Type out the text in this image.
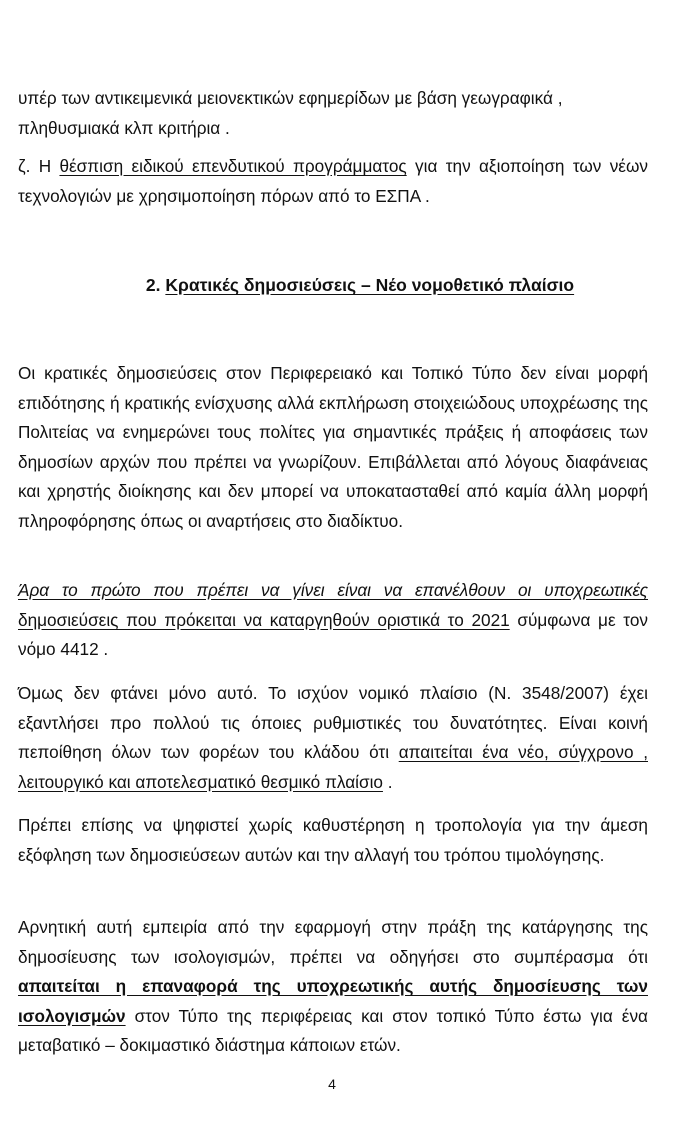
υπέρ των αντικειμενικά μειονεκτικών εφημερίδων με βάση γεωγραφικά ,
πληθυσμιακά κλπ κριτήρια .

ζ. Η θέσπιση ειδικού επενδυτικού προγράμματος για την αξιοποίηση των νέων τεχνολογιών με χρησιμοποίηση πόρων από το ΕΣΠΑ .

2. Κρατικές δημοσιεύσεις – Νέο νομοθετικό πλαίσιο

Οι κρατικές δημοσιεύσεις στον Περιφερειακό και Τοπικό Τύπο δεν είναι μορφή επιδότησης ή κρατικής ενίσχυσης αλλά εκπλήρωση στοιχειώδους υποχρέωσης της Πολιτείας να ενημερώνει τους πολίτες για σημαντικές πράξεις ή αποφάσεις των δημοσίων αρχών που πρέπει να γνωρίζουν. Επιβάλλεται από λόγους διαφάνειας και χρηστής διοίκησης και δεν μπορεί να υποκατασταθεί από καμία άλλη μορφή πληροφόρησης όπως οι αναρτήσεις στο διαδίκτυο.

Άρα το πρώτο που πρέπει να γίνει είναι να επανέλθουν οι υποχρεωτικές δημοσιεύσεις που πρόκειται να καταργηθούν οριστικά το 2021 σύμφωνα με τον νόμο 4412 .

Όμως δεν φτάνει μόνο αυτό. Το ισχύον νομικό πλαίσιο (Ν. 3548/2007) έχει εξαντλήσει προ πολλού τις όποιες ρυθμιστικές του δυνατότητες. Είναι κοινή πεποίθηση όλων των φορέων του κλάδου ότι απαιτείται ένα νέο, σύγχρονο , λειτουργικό και αποτελεσματικό θεσμικό πλαίσιο .

Πρέπει επίσης να ψηφιστεί χωρίς καθυστέρηση η τροπολογία για την άμεση εξόφληση των δημοσιεύσεων αυτών και την αλλαγή του τρόπου τιμολόγησης.

Αρνητική αυτή εμπειρία από την εφαρμογή στην πράξη της κατάργησης της δημοσίευσης των ισολογισμών, πρέπει να οδηγήσει στο συμπέρασμα ότι απαιτείται η επαναφορά της υποχρεωτικής αυτής δημοσίευσης των ισολογισμών στον Τύπο της περιφέρειας και στον τοπικό Τύπο έστω για ένα μεταβατικό – δοκιμαστικό διάστημα κάποιων ετών.

4
